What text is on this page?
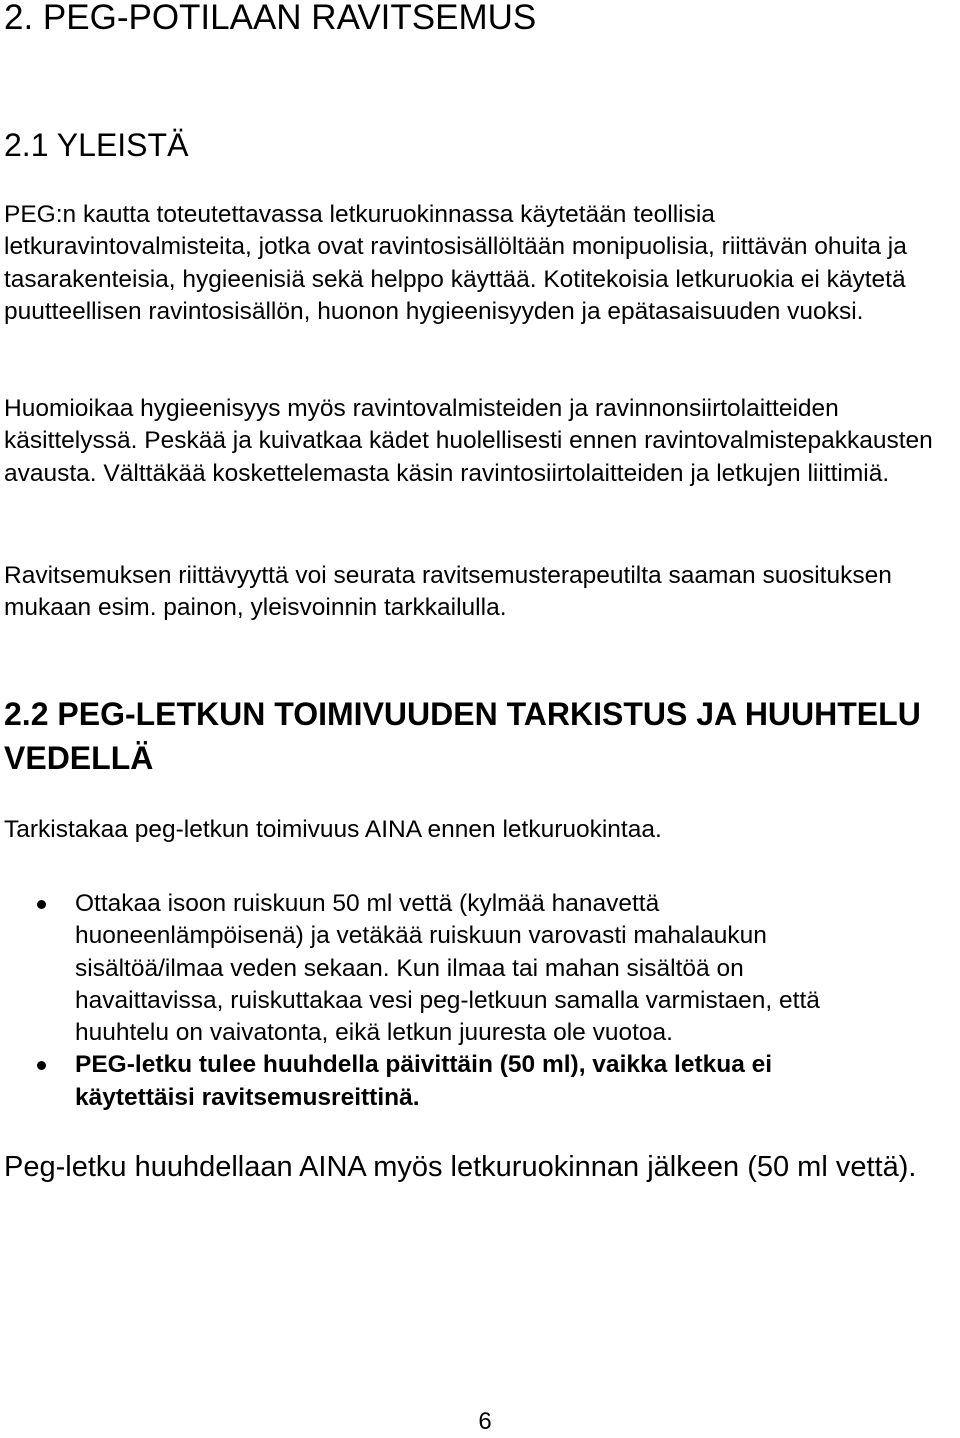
2. PEG-POTILAAN RAVITSEMUS
2.1 YLEISTÄ

PEG:n kautta toteutettavassa letkuruokinnassa käytetään teollisia letkuravintovalmisteita, jotka ovat ravintosisällöltään monipuolisia, riittävän ohuita ja tasarakenteisia, hygieenisiä sekä helppo käyttää. Kotitekoisia letkuruokia ei käytetä puutteellisen ravintosisällön, huonon hygieenisyyden ja epätasaisuuden vuoksi.

Huomioikaa hygieenisyys myös ravintovalmisteiden ja ravinnonsiirtolaitteiden käsittelyssä. Peskää ja kuivatkaa kädet huolellisesti ennen ravintovalmistepakkausten avausta. Välttäkää koskettelemasta käsin ravintosiirtolaitteiden ja letkujen liittimiä.

Ravitsemuksen riittävyyttä voi seurata ravitsemusterapeutilta saaman suosituksen mukaan esim. painon, yleisvoinnin tarkkailulla.

2.2 PEG-LETKUN TOIMIVUUDEN TARKISTUS JA HUUHTELU VEDELLÄ

Tarkistakaa peg-letkun toimivuus AINA ennen letkuruokintaa.

Ottakaa isoon ruiskuun 50 ml vettä (kylmää hanavettä huoneenlämpöisenä) ja vetäkää ruiskuun varovasti mahalaukun sisältöä/ilmaa veden sekaan. Kun ilmaa tai mahan sisältöä on havaittavissa, ruiskuttakaa vesi peg-letkuun samalla varmistaen, että huuhtelu on vaivatonta, eikä letkun juuresta ole vuotoa.
PEG-letku tulee huuhdella päivittäin (50 ml), vaikka letkua ei käytettäisi ravitsemusreittinä.

Peg-letku huuhdellaan AINA myös letkuruokinnan jälkeen (50 ml vettä).

6
